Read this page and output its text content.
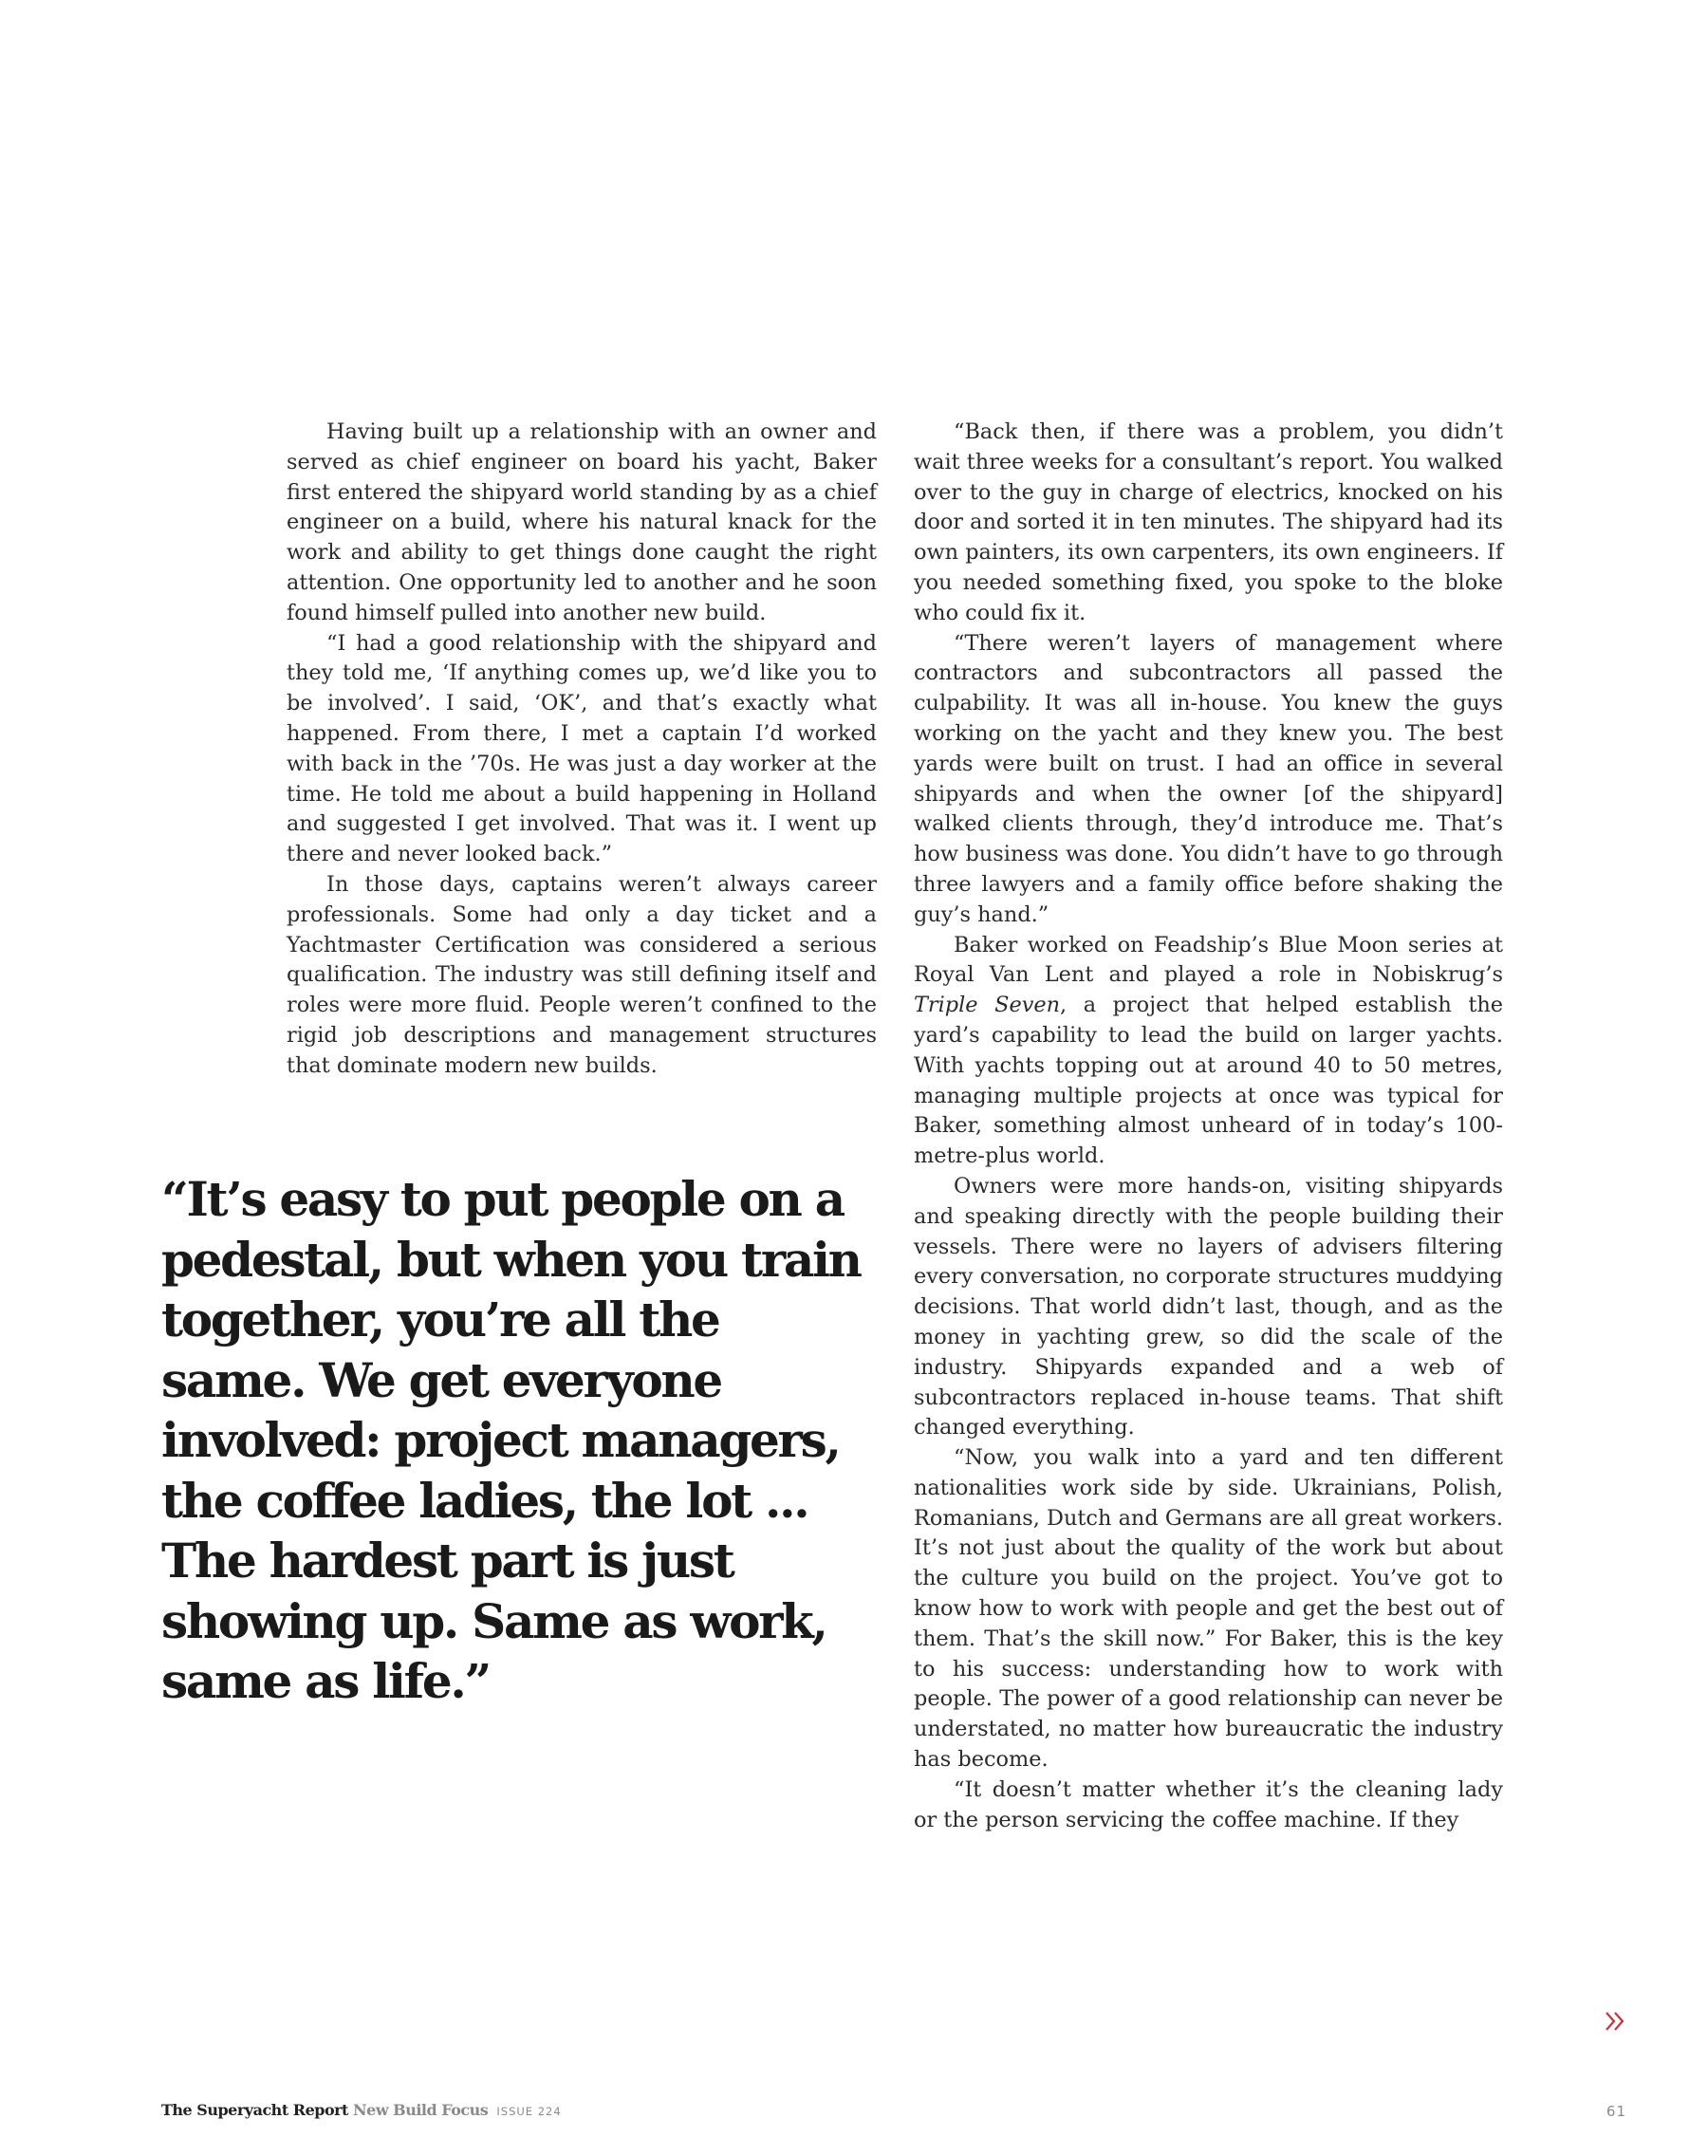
Having built up a relationship with an owner and served as chief engineer on board his yacht, Baker first entered the shipyard world standing by as a chief engineer on a build, where his natural knack for the work and ability to get things done caught the right attention. One opportunity led to another and he soon found himself pulled into another new build.

“I had a good relationship with the shipyard and they told me, ‘If anything comes up, we’d like you to be involved’. I said, ‘OK’, and that’s exactly what happened. From there, I met a captain I’d worked with back in the ’70s. He was just a day worker at the time. He told me about a build happening in Holland and suggested I get involved. That was it. I went up there and never looked back.”

In those days, captains weren’t always career professionals. Some had only a day ticket and a Yachtmaster Certification was considered a serious qualification. The industry was still defining itself and roles were more fluid. People weren’t confined to the rigid job descriptions and management structures that dominate modern new builds.

“It’s easy to put people on a pedestal, but when you train together, you’re all the same. We get everyone involved: project managers, the coffee ladies, the lot ... The hardest part is just showing up. Same as work, same as life.”

“Back then, if there was a problem, you didn’t wait three weeks for a consultant’s report. You walked over to the guy in charge of electrics, knocked on his door and sorted it in ten minutes. The shipyard had its own painters, its own carpenters, its own engineers. If you needed something fixed, you spoke to the bloke who could fix it.

“There weren’t layers of management where contractors and subcontractors all passed the culpability. It was all in-house. You knew the guys working on the yacht and they knew you. The best yards were built on trust. I had an office in several shipyards and when the owner [of the shipyard] walked clients through, they’d introduce me. That’s how business was done. You didn’t have to go through three lawyers and a family office before shaking the guy’s hand.”

Baker worked on Feadship’s Blue Moon series at Royal Van Lent and played a role in Nobiskrug’s Triple Seven, a project that helped establish the yard’s capability to lead the build on larger yachts. With yachts topping out at around 40 to 50 metres, managing multiple projects at once was typical for Baker, something almost unheard of in today’s 100-metre-plus world.

Owners were more hands-on, visiting shipyards and speaking directly with the people building their vessels. There were no layers of advisers filtering every conversation, no corporate structures muddying decisions. That world didn’t last, though, and as the money in yachting grew, so did the scale of the industry. Shipyards expanded and a web of subcontractors replaced in-house teams. That shift changed everything.

“Now, you walk into a yard and ten different nationalities work side by side. Ukrainians, Polish, Romanians, Dutch and Germans are all great workers. It’s not just about the quality of the work but about the culture you build on the project. You’ve got to know how to work with people and get the best out of them. That’s the skill now.” For Baker, this is the key to his success: understanding how to work with people. The power of a good relationship can never be understated, no matter how bureaucratic the industry has become.

“It doesn’t matter whether it’s the cleaning lady or the person servicing the coffee machine. If they

The Superyacht Report New Build Focus ISSUE 224	61
